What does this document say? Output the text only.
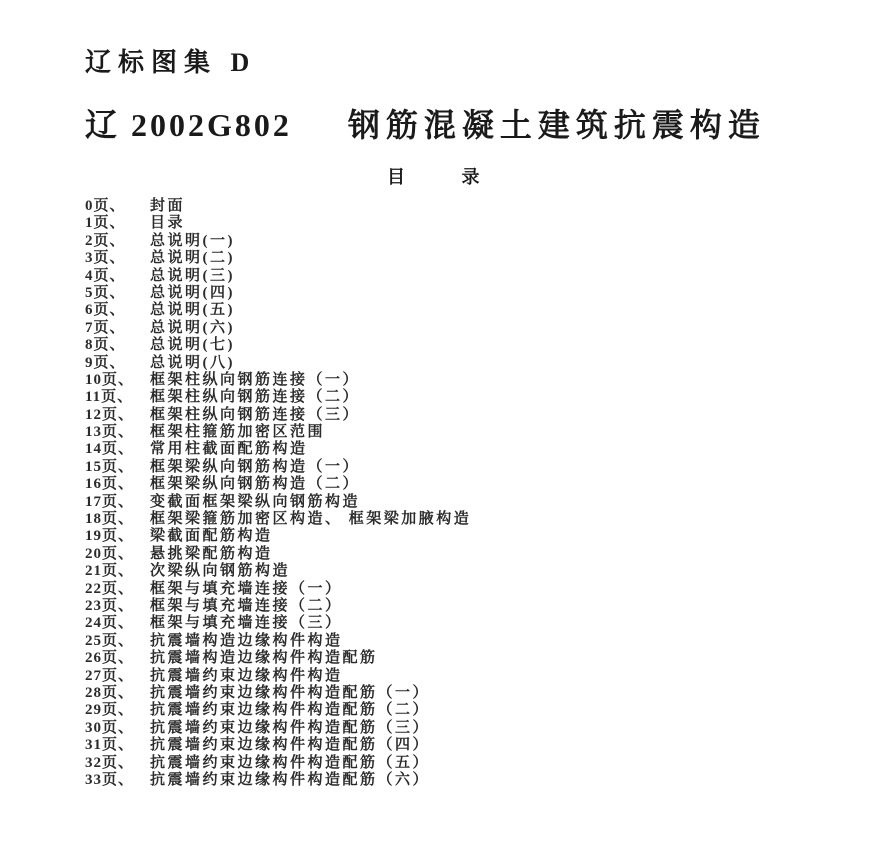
辽标图集 D
辽 2002G802 钢筋混凝土建筑抗震构造
目	录
0页、	封面
1页、	目录
2页、	总说明(一)
3页、	总说明(二)
4页、	总说明(三)
5页、	总说明(四)
6页、	总说明(五)
7页、	总说明(六)
8页、	总说明(七)
9页、	总说明(八)
10页、	框架柱纵向钢筋连接（一）
11页、	框架柱纵向钢筋连接（二）
12页、	框架柱纵向钢筋连接（三）
13页、	框架柱箍筋加密区范围
14页、	常用柱截面配筋构造
15页、	框架梁纵向钢筋构造（一）
16页、	框架梁纵向钢筋构造（二）
17页、	变截面框架梁纵向钢筋构造
18页、	框架梁箍筋加密区构造、 框架梁加腋构造
19页、	梁截面配筋构造
20页、	悬挑梁配筋构造
21页、	次梁纵向钢筋构造
22页、	框架与填充墙连接（一）
23页、	框架与填充墙连接（二）
24页、	框架与填充墙连接（三）
25页、	抗震墙构造边缘构件构造
26页、	抗震墙构造边缘构件构造配筋
27页、	抗震墙约束边缘构件构造
28页、	抗震墙约束边缘构件构造配筋（一）
29页、	抗震墙约束边缘构件构造配筋（二）
30页、	抗震墙约束边缘构件构造配筋（三）
31页、	抗震墙约束边缘构件构造配筋（四）
32页、	抗震墙约束边缘构件构造配筋（五）
33页、	抗震墙约束边缘构件构造配筋（六）
